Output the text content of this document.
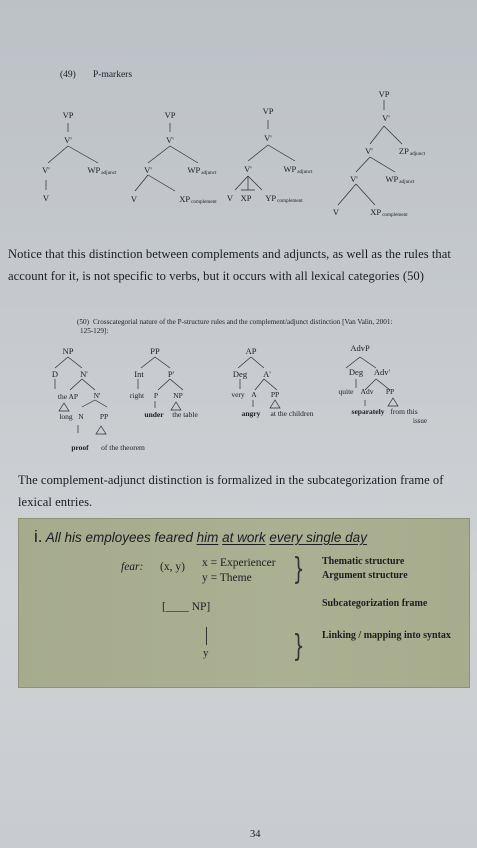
(49) P-markers
VP
V'
V'	WPadjunct
V
VP
V'
V'	WPadjunct
V	XPcomplement
VP
V'
V'	WPadjunct
V XP YPcomplement
VP
V'
V'	ZPadjunct
V'	WPadjunct
V	XPcomplement
Notice that this distinction between complements and adjuncts, as well as the rules that account for it, is not specific to verbs, but it occurs with all lexical categories (50)
(50) Crosscategorial nature of the P-structure rules and the complement/adjunct distinction [Van Valin, 2001: 125-129]:
NP
D	N'
the AP N'
long N PP
proof of the theorem
PP
Int	P'
right P NP
under the table
AP
Deg A'
very A PP
angry at the children
AdvP
Deg Adv'
quite Adv PP
separately from this
issue
The complement-adjunct distinction is formalized in the subcategorization frame of lexical entries.
i. All his employees feared him at work every single day
fear: (x, y) x = Experiencer
y = Theme } Thematic structure
Argument structure
[____ NP]	Subcategorization frame
y	} Linking / mapping into syntax
34
